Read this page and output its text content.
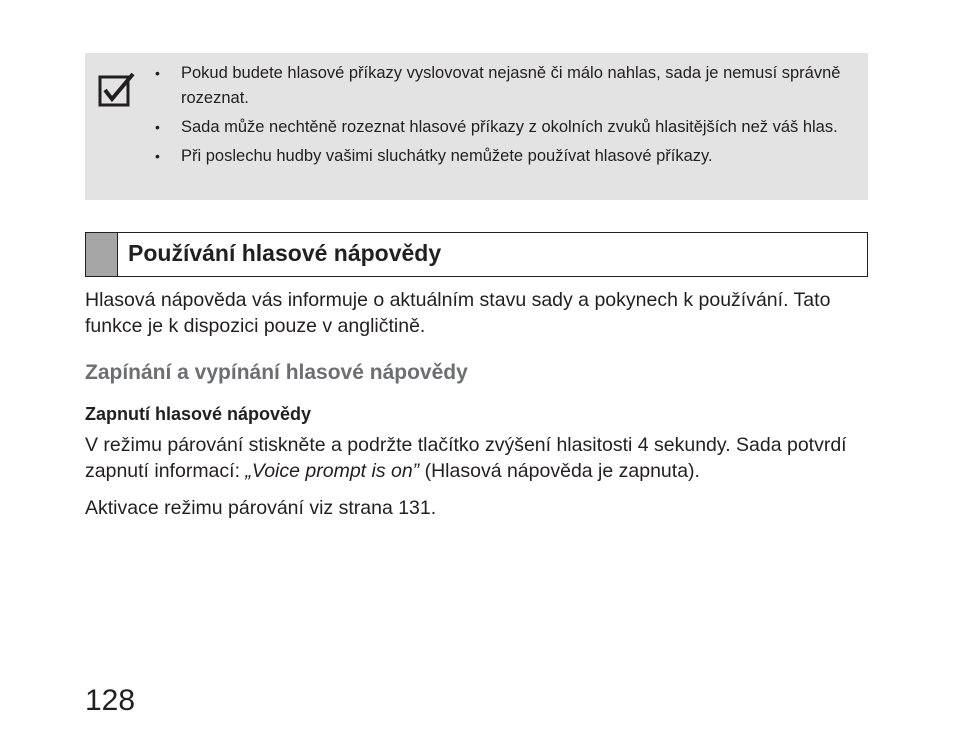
• Pokud budete hlasové příkazy vyslovovat nejasně či málo nahlas, sada je nemusí správně rozeznat.
• Sada může nechtěně rozeznat hlasové příkazy z okolních zvuků hlasitějších než váš hlas.
• Při poslechu hudby vašimi sluchátky nemůžete používat hlasové příkazy.
Používání hlasové nápovědy

Hlasová nápověda vás informuje o aktuálním stavu sady a pokynech k používání. Tato funkce je k dispozici pouze v angličtině.

Zapínání a vypínání hlasové nápovědy
Zapnutí hlasové nápovědy

V režimu párování stiskněte a podržte tlačítko zvýšení hlasitosti 4 sekundy. Sada potvrdí zapnutí informací: „Voice prompt is on” (Hlasová nápověda je zapnuta).

Aktivace režimu párování viz strana 131.

128
